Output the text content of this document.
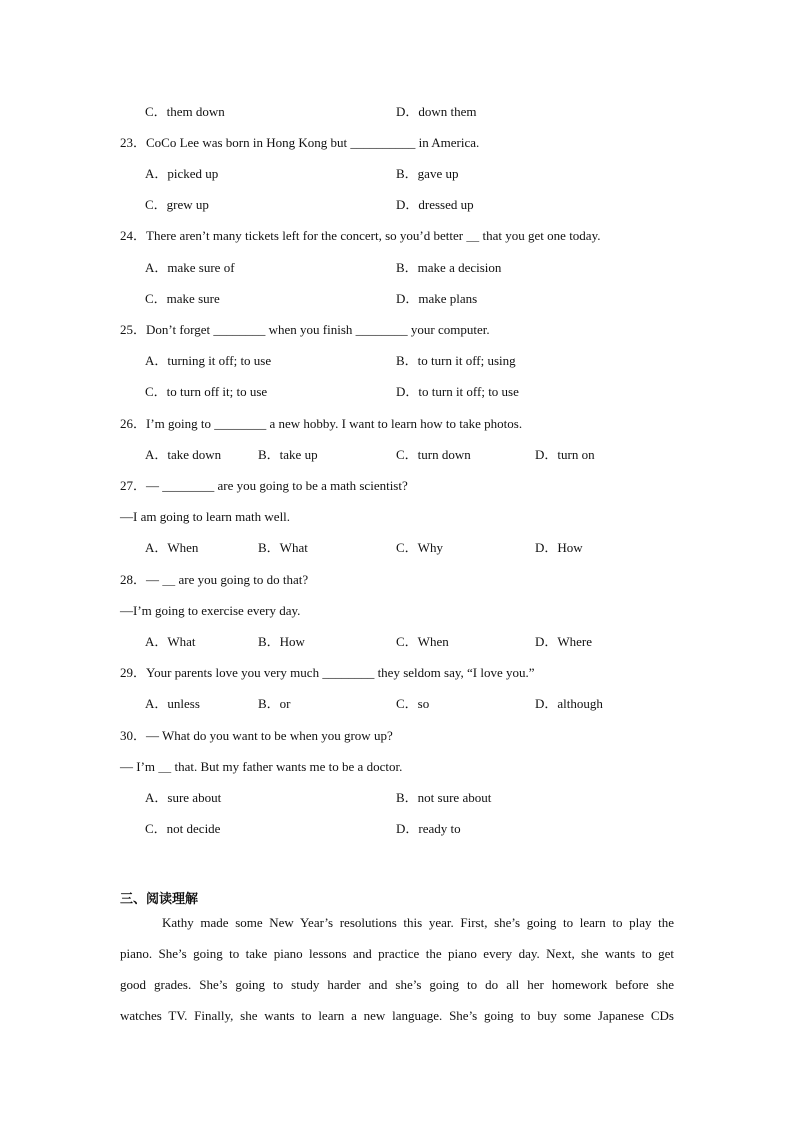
C．them down	D．down them
23．CoCo Lee was born in Hong Kong but __________ in America.
A．picked up	B．gave up
C．grew up	D．dressed up
24．There aren’t many tickets left for the concert, so you’d better ＿ that you get one today.
A．make sure of	B．make a decision
C．make sure	D．make plans
25．Don’t forget ________ when you finish ________ your computer.
A．turning it off; to use	B．to turn it off; using
C．to turn off it; to use	D．to turn it off; to use
26．I’m going to ________ a new hobby. I want to learn how to take photos.
A．take down	B．take up	C．turn down	D．turn on
27．— ________ are you going to be a math scientist?
—I am going to learn math well.
A．When	B．What	C．Why	D．How
28．— ＿ are you going to do that?
—I’m going to exercise every day.
A．What	B．How	C．When	D．Where
29．Your parents love you very much ________ they seldom say, “I love you.”
A．unless	B．or	C．so	D．although
30．— What do you want to be when you grow up?
— I’m ＿ that. But my father wants me to be a doctor.
A．sure about	B．not sure about
C．not decide	D．ready to
三、阅读理解
Kathy made some New Year’s resolutions this year. First, she’s going to learn to play the
piano. She’s going to take piano lessons and practice the piano every day. Next, she wants to get
good grades. She’s going to study harder and she’s going to do all her homework before she
watches TV. Finally, she wants to learn a new language. She’s going to buy some Japanese CDs
